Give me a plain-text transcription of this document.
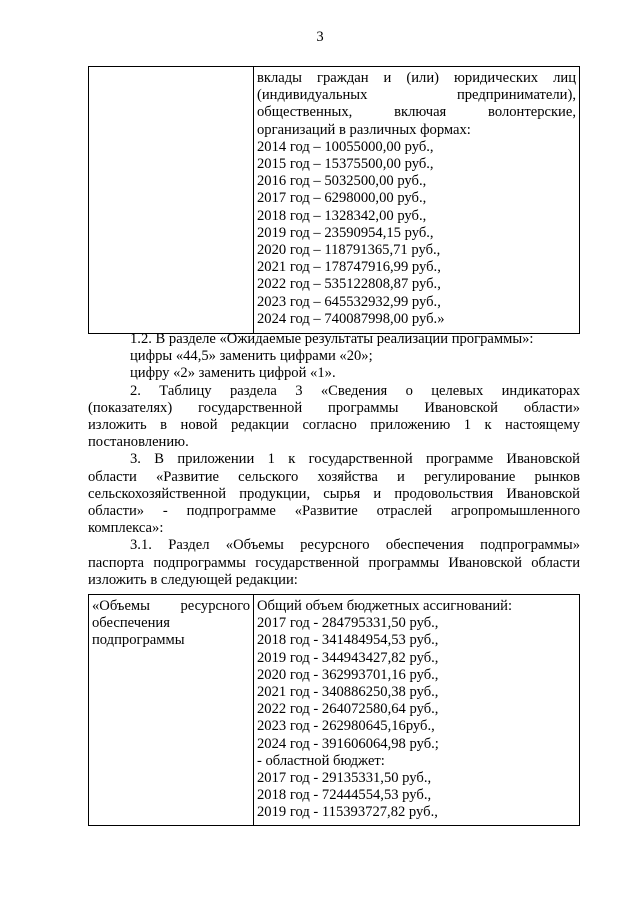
3

вклады граждан и (или) юридических лиц
(индивидуальных предприниматели),
общественных, включая волонтерские,
организаций в различных формах:
2014 год – 10055000,00 руб.,
2015 год – 15375500,00 руб.,
2016 год – 5032500,00 руб.,
2017 год – 6298000,00 руб.,
2018 год – 1328342,00 руб.,
2019 год – 23590954,15 руб.,
2020 год – 118791365,71 руб.,
2021 год – 178747916,99 руб.,
2022 год – 535122808,87 руб.,
2023 год – 645532932,99 руб.,
2024 год – 740087998,00 руб.»

1.2. В разделе «Ожидаемые результаты реализации программы»:

цифры «44,5» заменить цифрами «20»;

цифру «2» заменить цифрой «1».

2. Таблицу раздела 3 «Сведения о целевых индикаторах
(показателях) государственной программы Ивановской области»
изложить в новой редакции согласно приложению 1 к настоящему
постановлению.

3. В приложении 1 к государственной программе Ивановской
области «Развитие сельского хозяйства и регулирование рынков
сельскохозяйственной продукции, сырья и продовольствия Ивановской
области» - подпрограмме «Развитие отраслей агропромышленного
комплекса»:

3.1. Раздел «Объемы ресурсного обеспечения подпрограммы»
паспорта подпрограммы государственной программы Ивановской области
изложить в следующей редакции:

«Объемы ресурсного
обеспечения
подпрограммы

Общий объем бюджетных ассигнований:
2017 год - 284795331,50 руб.,
2018 год - 341484954,53 руб.,
2019 год - 344943427,82 руб.,
2020 год - 362993701,16 руб.,
2021 год - 340886250,38 руб.,
2022 год - 264072580,64 руб.,
2023 год - 262980645,16руб.,
2024 год - 391606064,98 руб.;
- областной бюджет:
2017 год - 29135331,50 руб.,
2018 год - 72444554,53 руб.,
2019 год - 115393727,82 руб.,
